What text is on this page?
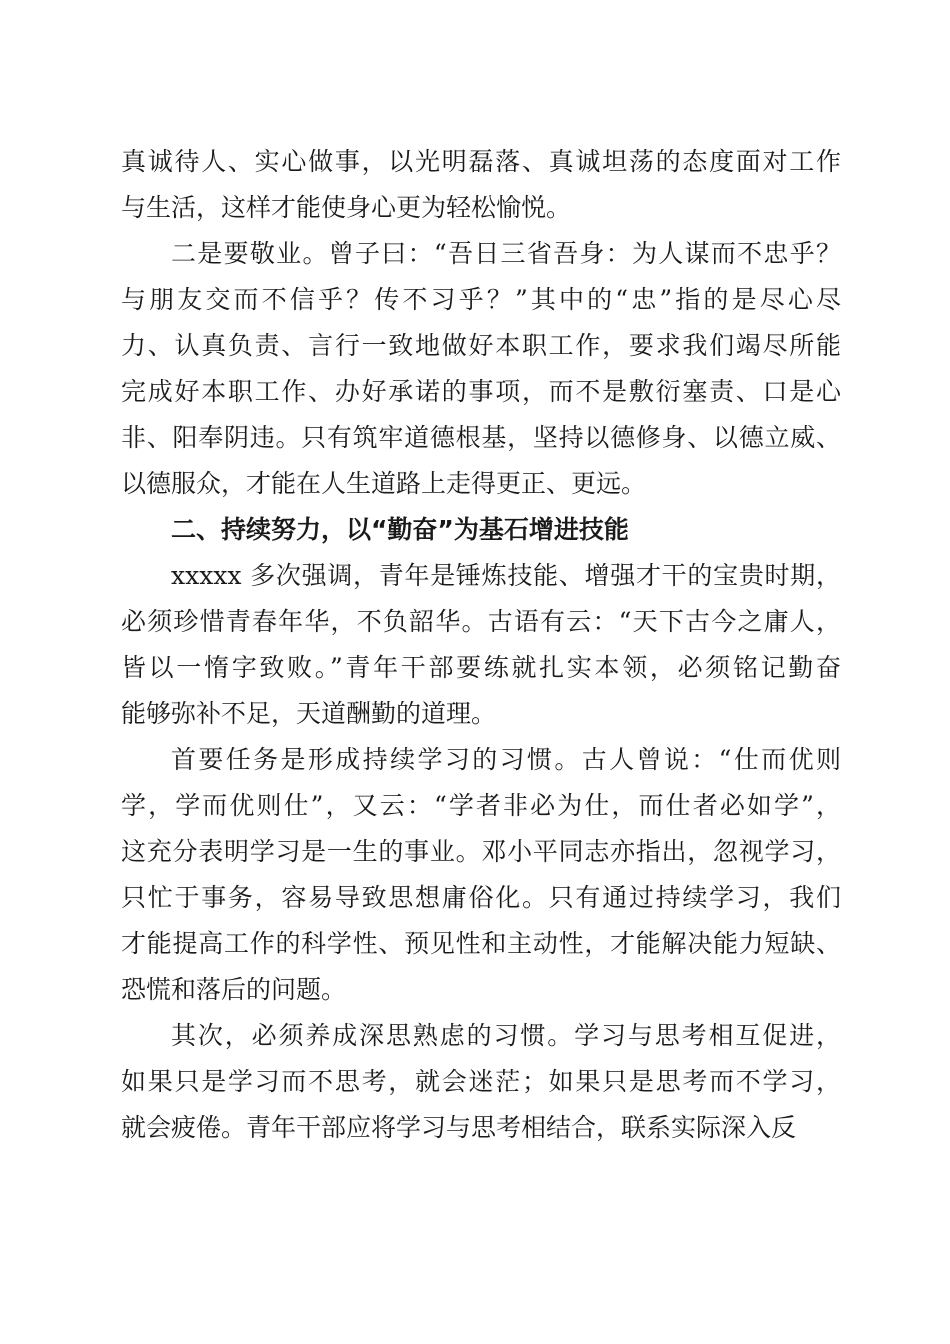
真诚待人、实心做事，以光明磊落、真诚坦荡的态度面对工作
与生活，这样才能使身心更为轻松愉悦。
二是要敬业。曾子曰：“吾日三省吾身：为人谋而不忠乎？
与朋友交而不信乎？传不习乎？”其中的“忠”指的是尽心尽
力、认真负责、言行一致地做好本职工作，要求我们竭尽所能
完成好本职工作、办好承诺的事项，而不是敷衍塞责、口是心
非、阳奉阴违。只有筑牢道德根基，坚持以德修身、以德立威、
以德服众，才能在人生道路上走得更正、更远。
二、持续努力，以“勤奋”为基石增进技能
xxxxx 多次强调，青年是锤炼技能、增强才干的宝贵时期，
必须珍惜青春年华，不负韶华。古语有云：“天下古今之庸人，
皆以一惰字致败。”青年干部要练就扎实本领，必须铭记勤奋
能够弥补不足，天道酬勤的道理。
首要任务是形成持续学习的习惯。古人曾说：“仕而优则
学，学而优则仕”，又云：“学者非必为仕，而仕者必如学”，
这充分表明学习是一生的事业。邓小平同志亦指出，忽视学习，
只忙于事务，容易导致思想庸俗化。只有通过持续学习，我们
才能提高工作的科学性、预见性和主动性，才能解决能力短缺、
恐慌和落后的问题。
其次，必须养成深思熟虑的习惯。学习与思考相互促进，
如果只是学习而不思考，就会迷茫；如果只是思考而不学习，
就会疲倦。青年干部应将学习与思考相结合，联系实际深入反
